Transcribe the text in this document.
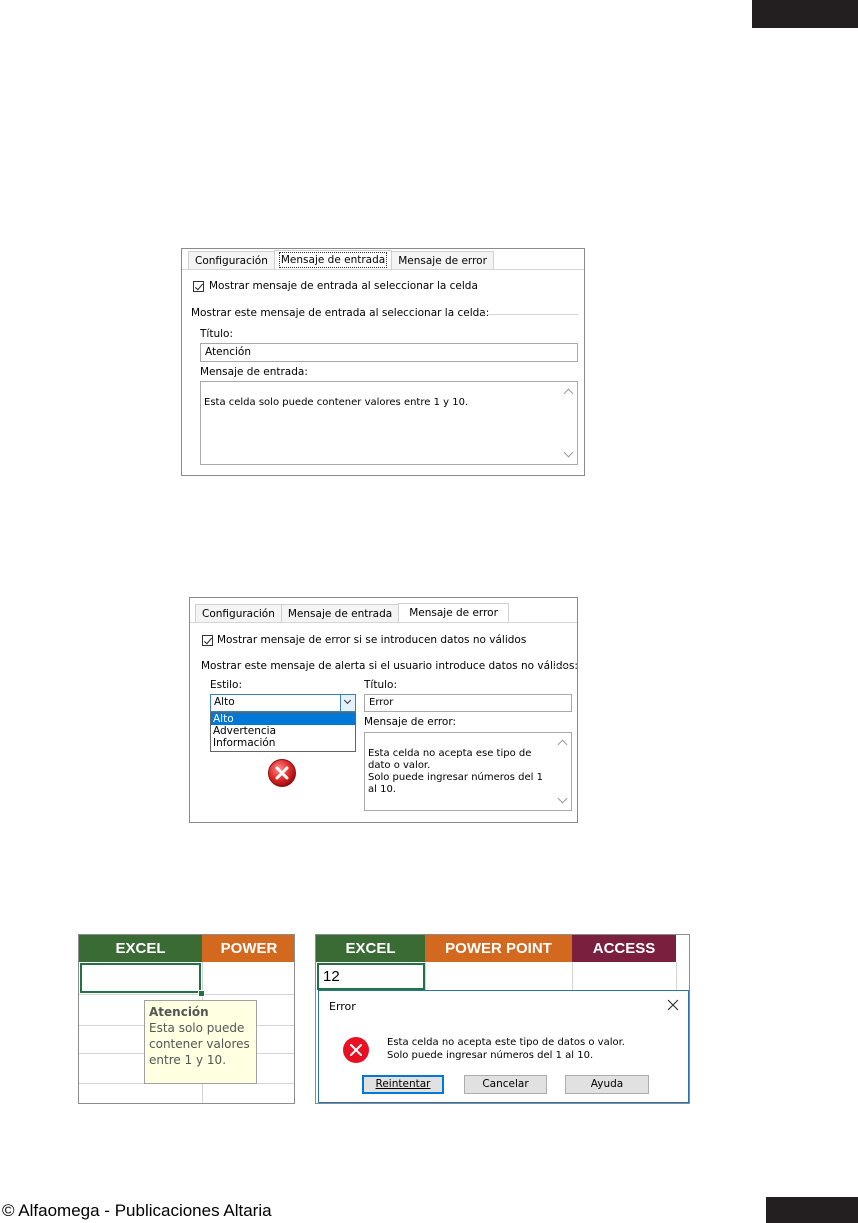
Configuración	Mensaje de entrada	Mensaje de error
Mostrar mensaje de entrada al seleccionar la celda
Mostrar este mensaje de entrada al seleccionar la celda:
Título:
Atención
Mensaje de entrada:

Esta celda solo puede contener valores entre 1 y 10.

Configuración	Mensaje de entrada	Mensaje de error
Mostrar mensaje de error si se introducen datos no válidos
Mostrar este mensaje de alerta si el usuario introduce datos no válidos:
Estilo:
Alto
Alto
Advertencia
Información
Título:
Error
Mensaje de error:

Esta celda no acepta ese tipo de dato o valor.
Solo puede ingresar números del 1 al 10.

EXCEL	POWER
Atención
Esta solo puede contener valores entre 1 y 10.
EXCEL	POWER POINT	ACCESS
12
Error
Esta celda no acepta este tipo de datos o valor.
Solo puede ingresar números del 1 al 10.
Reintentar	Cancelar	Ayuda
© Alfaomega - Publicaciones Altaria
